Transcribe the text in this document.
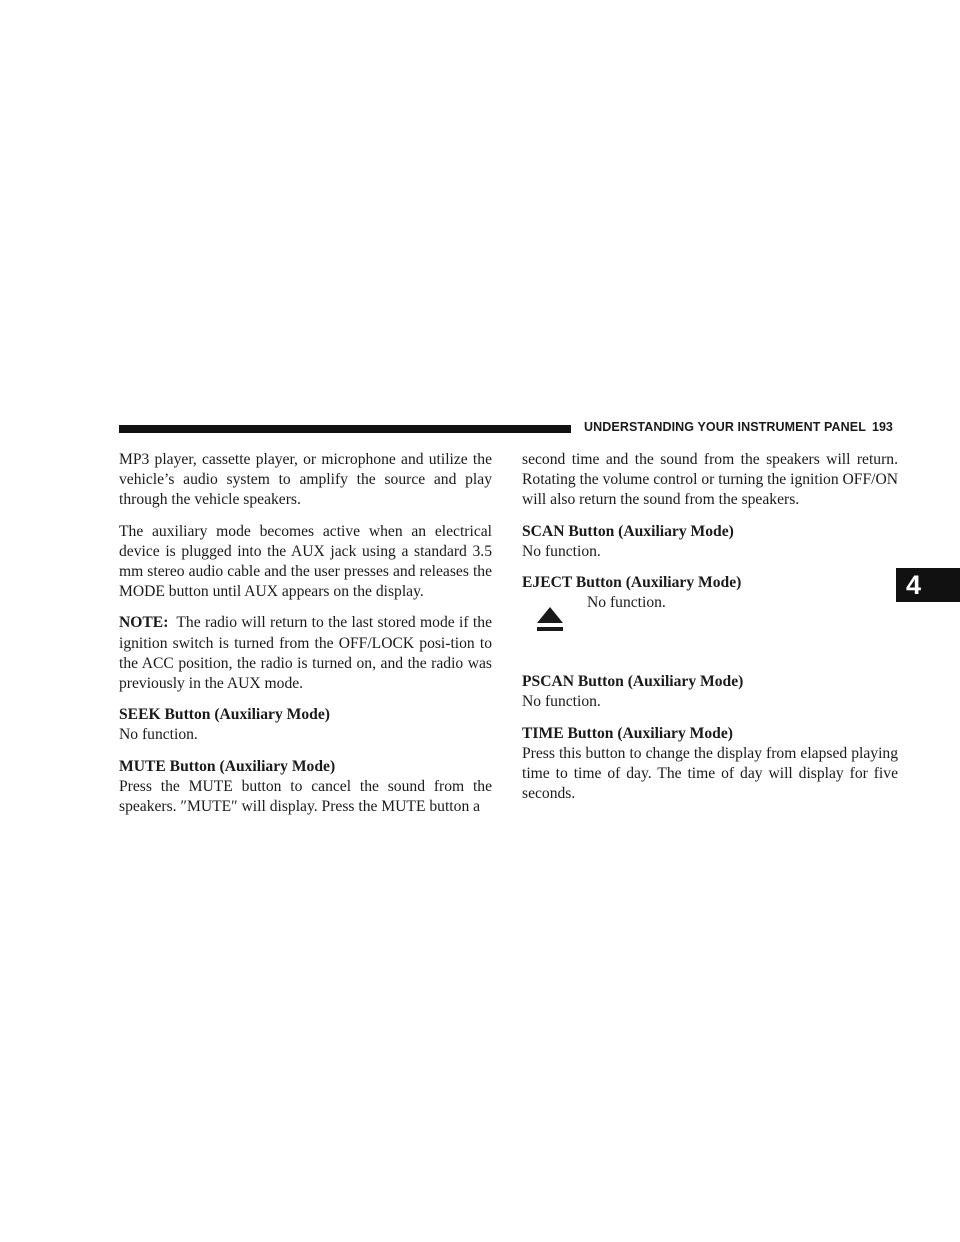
UNDERSTANDING YOUR INSTRUMENT PANEL 193
4

MP3 player, cassette player, or microphone and utilize the vehicle’s audio system to amplify the source and play through the vehicle speakers.

The auxiliary mode becomes active when an electrical device is plugged into the AUX jack using a standard 3.5 mm stereo audio cable and the user presses and releases the MODE button until AUX appears on the display.

NOTE: The radio will return to the last stored mode if the ignition switch is turned from the OFF/LOCK posi-tion to the ACC position, the radio is turned on, and the radio was previously in the AUX mode.

SEEK Button (Auxiliary Mode)

No function.

MUTE Button (Auxiliary Mode)

Press the MUTE button to cancel the sound from the speakers. ″MUTE″ will display. Press the MUTE button a

second time and the sound from the speakers will return. Rotating the volume control or turning the ignition OFF/ON will also return the sound from the speakers.

SCAN Button (Auxiliary Mode)

No function.

EJECT Button (Auxiliary Mode)
No function.
PSCAN Button (Auxiliary Mode)

No function.

TIME Button (Auxiliary Mode)

Press this button to change the display from elapsed playing time to time of day. The time of day will display for five seconds.
